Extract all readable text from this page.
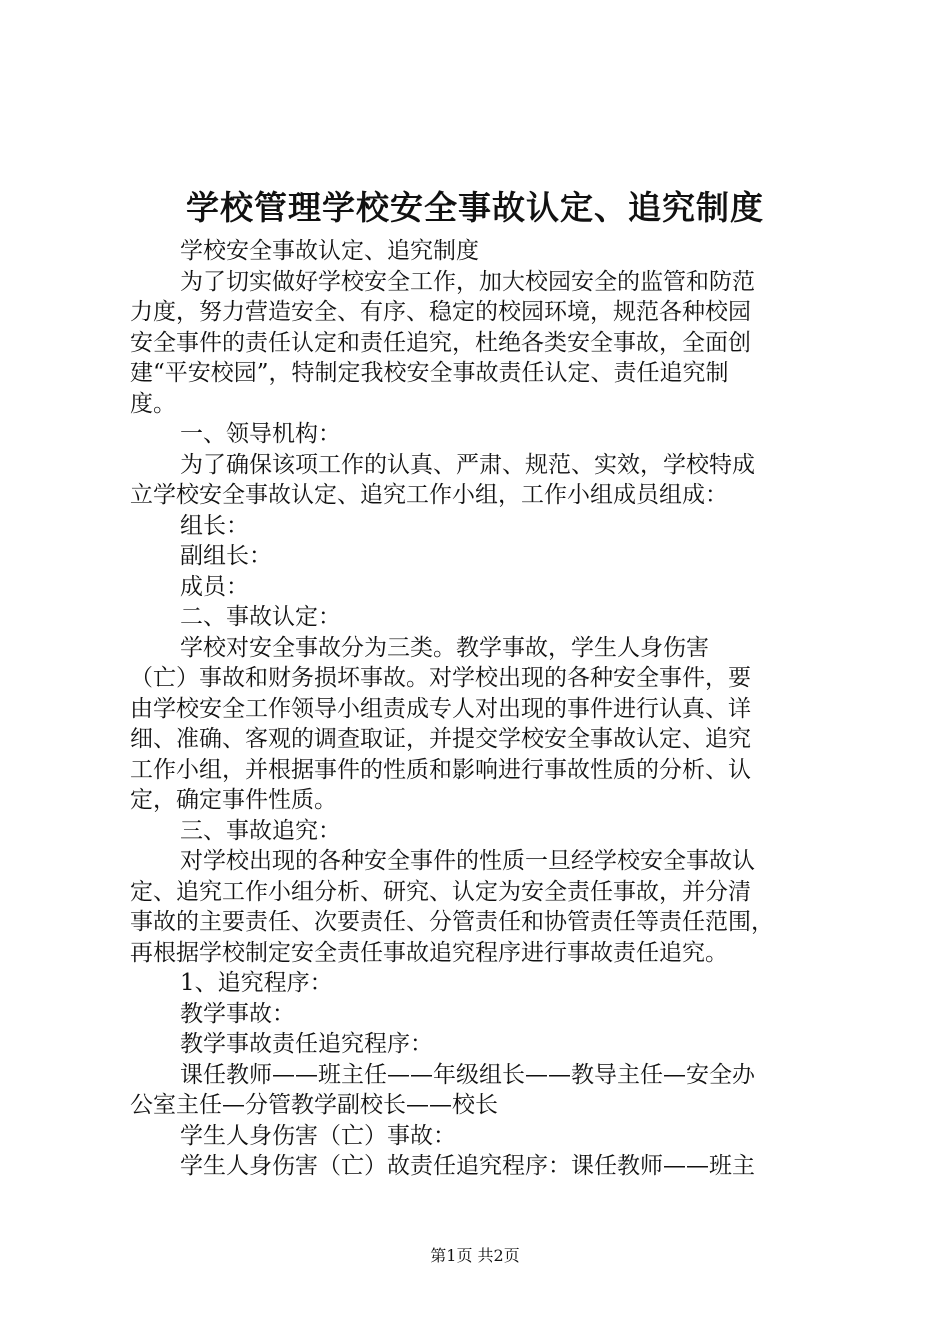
学校管理学校安全事故认定、追究制度
学校安全事故认定、追究制度
为了切实做好学校安全工作，加大校园安全的监管和防范
力度，努力营造安全、有序、稳定的校园环境，规范各种校园
安全事件的责任认定和责任追究，杜绝各类安全事故，全面创
建“平安校园”，特制定我校安全事故责任认定、责任追究制
度。
一、领导机构：
为了确保该项工作的认真、严肃、规范、实效，学校特成
立学校安全事故认定、追究工作小组，工作小组成员组成：
组长：
副组长：
成员：
二、事故认定：
学校对安全事故分为三类。教学事故，学生人身伤害
（亡）事故和财务损坏事故。对学校出现的各种安全事件，要
由学校安全工作领导小组责成专人对出现的事件进行认真、详
细、准确、客观的调查取证，并提交学校安全事故认定、追究
工作小组，并根据事件的性质和影响进行事故性质的分析、认
定，确定事件性质。
三、事故追究：
对学校出现的各种安全事件的性质一旦经学校安全事故认
定、追究工作小组分析、研究、认定为安全责任事故，并分清
事故的主要责任、次要责任、分管责任和协管责任等责任范围，
再根据学校制定安全责任事故追究程序进行事故责任追究。
1、追究程序：
教学事故：
教学事故责任追究程序：
课任教师——班主任——年级组长——教导主任—安全办
公室主任—分管教学副校长——校长
学生人身伤害（亡）事故：
学生人身伤害（亡）故责任追究程序：课任教师——班主
第1页 共2页
